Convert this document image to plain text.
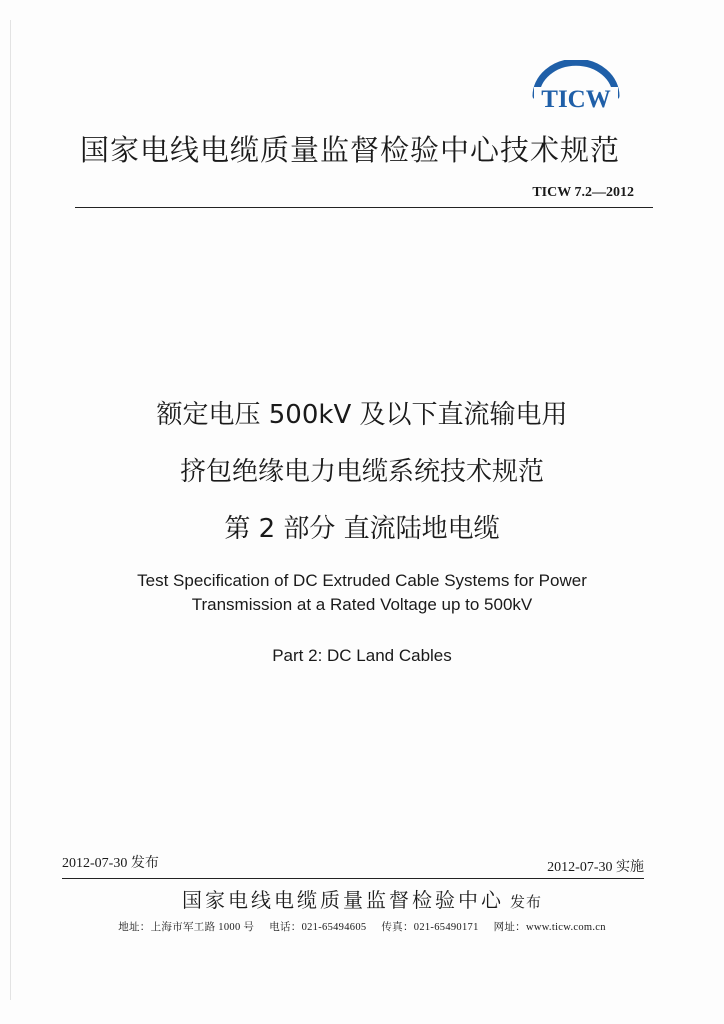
TICW
国家电线电缆质量监督检验中心技术规范
TICW 7.2—2012
额定电压 500kV 及以下直流输电用
挤包绝缘电力电缆系统技术规范
第 2 部分 直流陆地电缆
Test Specification of DC Extruded Cable Systems for Power
Transmission at a Rated Voltage up to 500kV
Part 2: DC Land Cables
2012-07-30 发布	2012-07-30 实施
国家电线电缆质量监督检验中心 发布
地址：上海市军工路 1000 号 电话：021-65494605 传真：021-65490171 网址：www.ticw.com.cn
